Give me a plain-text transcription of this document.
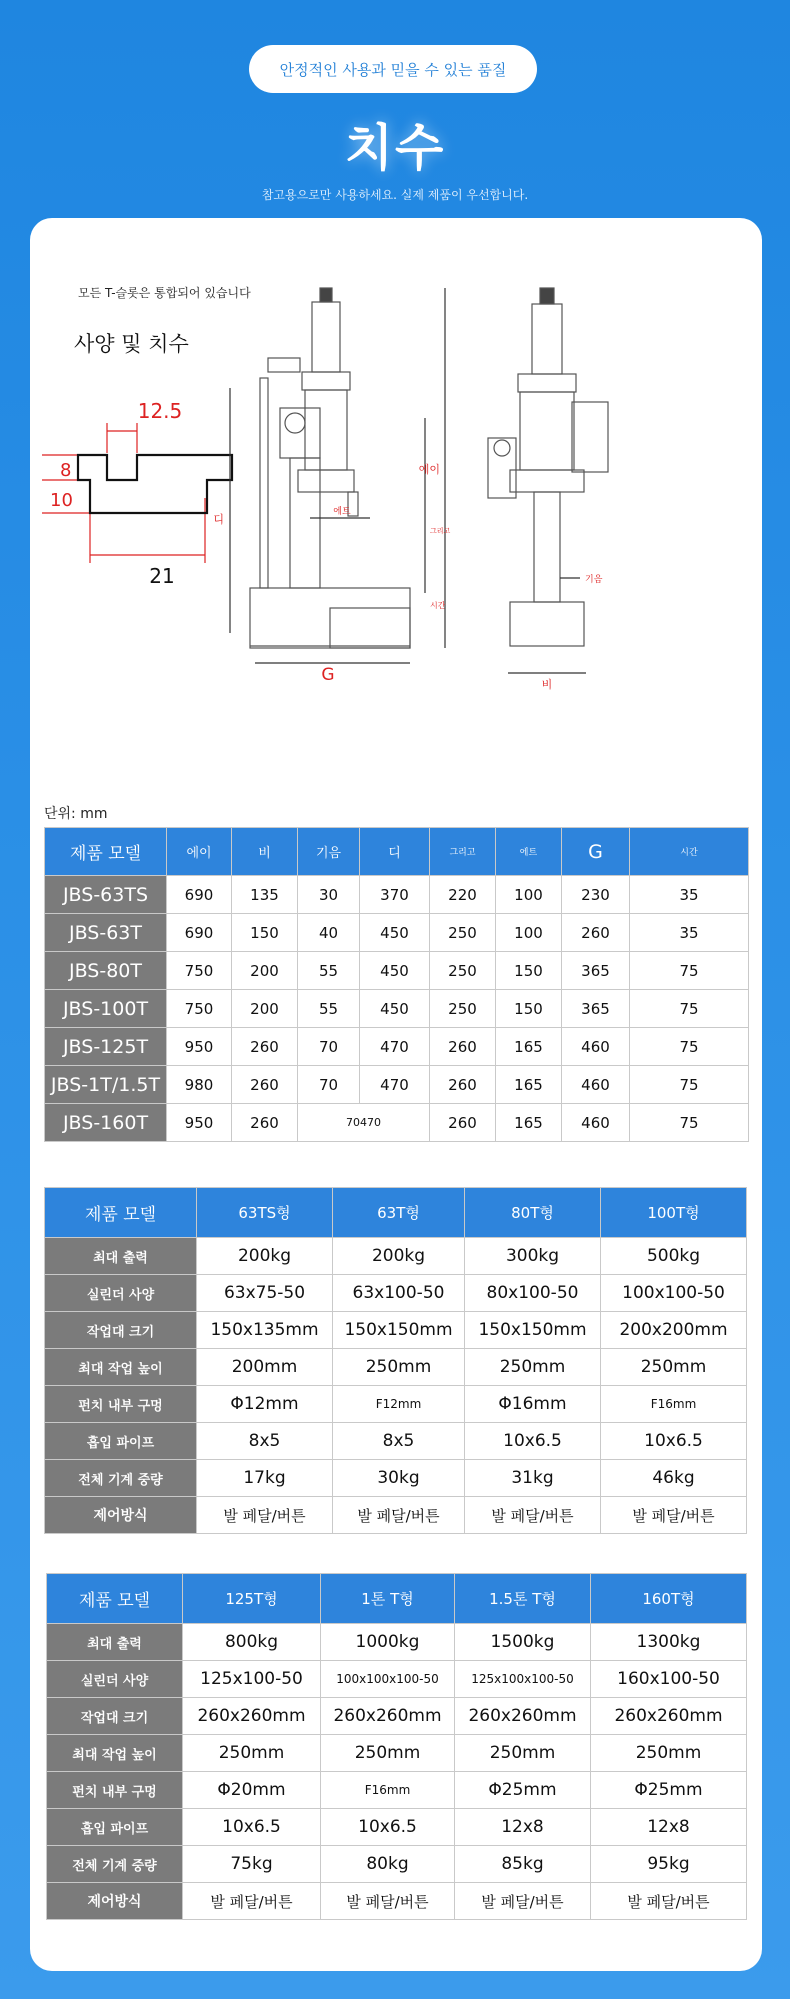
안정적인 사용과 믿을 수 있는 품질
치수
참고용으로만 사용하세요. 실제 제품이 우선합니다.
모든 T-슬롯은 통합되어 있습니다
사양 및 치수
12.5
8
10
21
G
디
에트
그리고
시간
에이
기음
비
단위: mm
제품 모델	에이	비	기음	디	그리고	에트	G	시간
JBS-63TS	690	135	30	370	220	100	230	35
JBS-63T	690	150	40	450	250	100	260	35
JBS-80T	750	200	55	450	250	150	365	75
JBS-100T	750	200	55	450	250	150	365	75
JBS-125T	950	260	70	470	260	165	460	75
JBS-1T/1.5T	980	260	70	470	260	165	460	75
JBS-160T	950	260	70470		260	165	460	75
제품 모델	63TS형	63T형	80T형	100T형
최대 출력	200kg	200kg	300kg	500kg
실린더 사양	63x75-50	63x100-50	80x100-50	100x100-50
작업대 크기	150x135mm	150x150mm	150x150mm	200x200mm
최대 작업 높이	200mm	250mm	250mm	250mm
펀치 내부 구멍	Φ12mm	F12mm	Φ16mm	F16mm
흡입 파이프	8x5	8x5	10x6.5	10x6.5
전체 기계 중량	17kg	30kg	31kg	46kg
제어방식	발 페달/버튼	발 페달/버튼	발 페달/버튼	발 페달/버튼
제품 모델	125T형	1톤 T형	1.5톤 T형	160T형
최대 출력	800kg	1000kg	1500kg	1300kg
실린더 사양	125x100-50	100x100x100-50	125x100x100-50	160x100-50
작업대 크기	260x260mm	260x260mm	260x260mm	260x260mm
최대 작업 높이	250mm	250mm	250mm	250mm
펀치 내부 구멍	Φ20mm	F16mm	Φ25mm	Φ25mm
흡입 파이프	10x6.5	10x6.5	12x8	12x8
전체 기계 중량	75kg	80kg	85kg	95kg
제어방식	발 페달/버튼	발 페달/버튼	발 페달/버튼	발 페달/버튼
